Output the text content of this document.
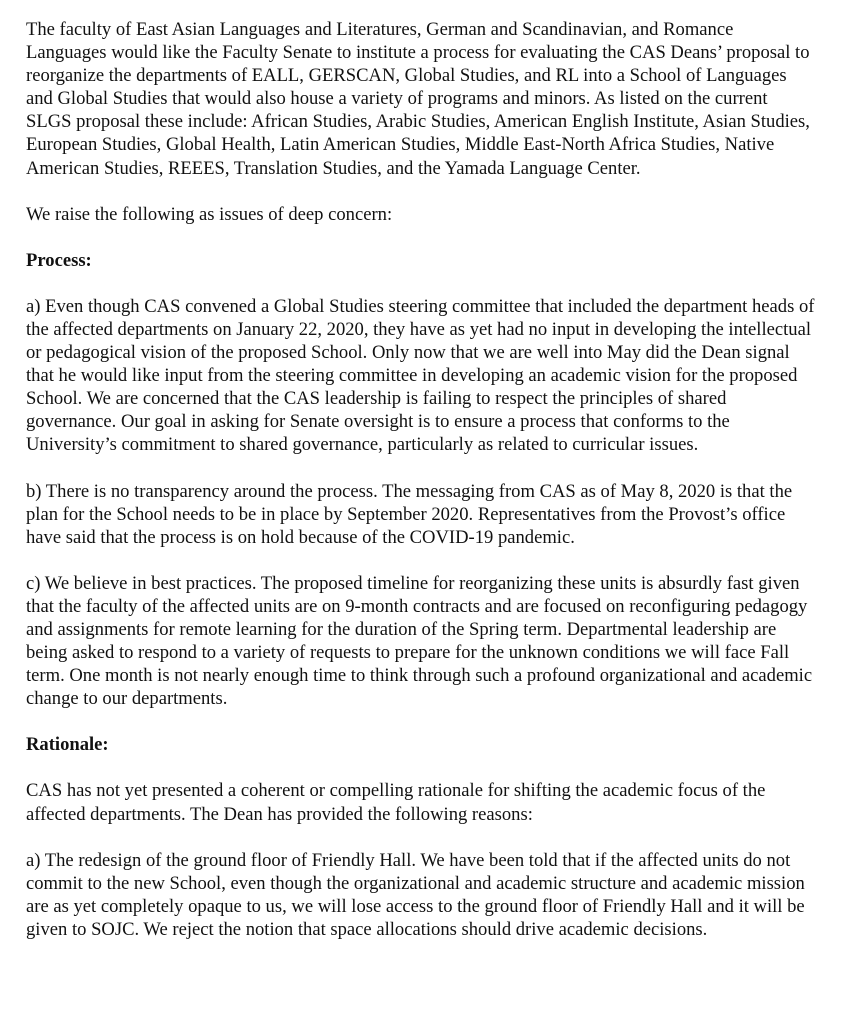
The faculty of East Asian Languages and Literatures, German and Scandinavian, and Romance Languages would like the Faculty Senate to institute a process for evaluating the CAS Deans’ proposal to reorganize the departments of EALL, GERSCAN, Global Studies, and RL into a School of Languages and Global Studies that would also house a variety of programs and minors. As listed on the current SLGS proposal these include: African Studies, Arabic Studies, American English Institute, Asian Studies, European Studies, Global Health, Latin American Studies, Middle East-North Africa Studies, Native American Studies, REEES, Translation Studies, and the Yamada Language Center.

We raise the following as issues of deep concern:

Process:

a) Even though CAS convened a Global Studies steering committee that included the department heads of the affected departments on January 22, 2020, they have as yet had no input in developing the intellectual or pedagogical vision of the proposed School. Only now that we are well into May did the Dean signal that he would like input from the steering committee in developing an academic vision for the proposed School. We are concerned that the CAS leadership is failing to respect the principles of shared governance. Our goal in asking for Senate oversight is to ensure a process that conforms to the University’s commitment to shared governance, particularly as related to curricular issues.

b) There is no transparency around the process. The messaging from CAS as of May 8, 2020 is that the plan for the School needs to be in place by September 2020. Representatives from the Provost’s office have said that the process is on hold because of the COVID-19 pandemic.

c) We believe in best practices. The proposed timeline for reorganizing these units is absurdly fast given that the faculty of the affected units are on 9-month contracts and are focused on reconfiguring pedagogy and assignments for remote learning for the duration of the Spring term. Departmental leadership are being asked to respond to a variety of requests to prepare for the unknown conditions we will face Fall term. One month is not nearly enough time to think through such a profound organizational and academic change to our departments.

Rationale:

CAS has not yet presented a coherent or compelling rationale for shifting the academic focus of the affected departments. The Dean has provided the following reasons:

a) The redesign of the ground floor of Friendly Hall. We have been told that if the affected units do not commit to the new School, even though the organizational and academic structure and academic mission are as yet completely opaque to us, we will lose access to the ground floor of Friendly Hall and it will be given to SOJC. We reject the notion that space allocations should drive academic decisions.
